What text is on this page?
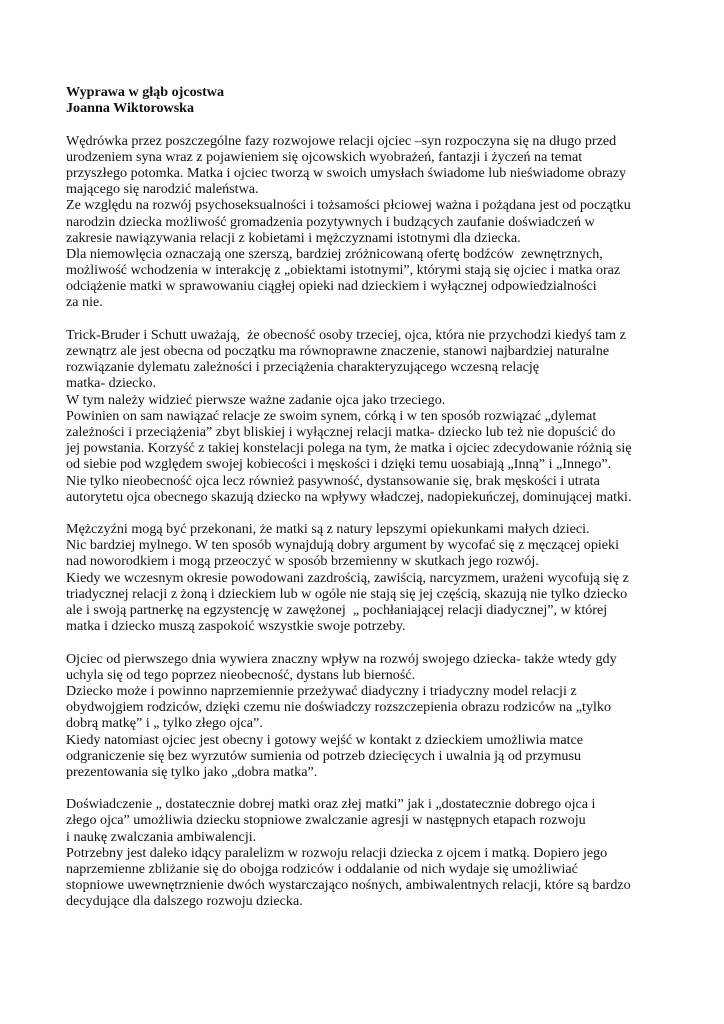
Wyprawa w głąb ojcostwa
Joanna Wiktorowska
Wędrówka przez poszczególne fazy rozwojowe relacji ojciec –syn rozpoczyna się na długo przed
urodzeniem syna wraz z pojawieniem się ojcowskich wyobrażeń, fantazji i życzeń na temat
przyszłego potomka. Matka i ojciec tworzą w swoich umysłach świadome lub nieświadome obrazy
mającego się narodzić maleństwa.
Ze względu na rozwój psychoseksualności i tożsamości płciowej ważna i pożądana jest od początku
narodzin dziecka możliwość gromadzenia pozytywnych i budzących zaufanie doświadczeń w
zakresie nawiązywania relacji z kobietami i mężczyznami istotnymi dla dziecka.
Dla niemowlęcia oznaczają one szerszą, bardziej zróżnicowaną ofertę bodźców  zewnętrznych,
możliwość wchodzenia w interakcję z „obiektami istotnymi”, którymi stają się ojciec i matka oraz
odciążenie matki w sprawowaniu ciągłej opieki nad dzieckiem i wyłącznej odpowiedzialności
za nie.
Trick-Bruder i Schutt uważają,  że obecność osoby trzeciej, ojca, która nie przychodzi kiedyś tam z
zewnątrz ale jest obecna od początku ma równoprawne znaczenie, stanowi najbardziej naturalne
rozwiązanie dylematu zależności i przeciążenia charakteryzującego wczesną relację
matka- dziecko.
W tym należy widzieć pierwsze ważne zadanie ojca jako trzeciego.
Powinien on sam nawiązać relacje ze swoim synem, córką i w ten sposób rozwiązać „dylemat
zależności i przeciążenia” zbyt bliskiej i wyłącznej relacji matka- dziecko lub też nie dopuścić do
jej powstania. Korzyść z takiej konstelacji polega na tym, że matka i ojciec zdecydowanie różnią się
od siebie pod względem swojej kobiecości i męskości i dzięki temu uosabiają „Inną” i „Innego”.
Nie tylko nieobecność ojca lecz również pasywność, dystansowanie się, brak męskości i utrata
autorytetu ojca obecnego skazują dziecko na wpływy władczej, nadopiekuńczej, dominującej matki.
Mężczyźni mogą być przekonani, że matki są z natury lepszymi opiekunkami małych dzieci.
Nic bardziej mylnego. W ten sposób wynajdują dobry argument by wycofać się z męczącej opieki
nad noworodkiem i mogą przeoczyć w sposób brzemienny w skutkach jego rozwój.
Kiedy we wczesnym okresie powodowani zazdrością, zawiścią, narcyzmem, urażeni wycofują się z
triadycznej relacji z żoną i dzieckiem lub w ogóle nie stają się jej częścią, skazują nie tylko dziecko
ale i swoją partnerkę na egzystencję w zawężonej  „ pochłaniającej relacji diadycznej”, w której
matka i dziecko muszą zaspokoić wszystkie swoje potrzeby.
Ojciec od pierwszego dnia wywiera znaczny wpływ na rozwój swojego dziecka- także wtedy gdy
uchyla się od tego poprzez nieobecność, dystans lub bierność.
Dziecko może i powinno naprzemiennie przeżywać diadyczny i triadyczny model relacji z
obydwojgiem rodziców, dzięki czemu nie doświadczy rozszczepienia obrazu rodziców na „tylko
dobrą matkę” i „ tylko złego ojca”.
Kiedy natomiast ojciec jest obecny i gotowy wejść w kontakt z dzieckiem umożliwia matce
odgraniczenie się bez wyrzutów sumienia od potrzeb dziecięcych i uwalnia ją od przymusu
prezentowania się tylko jako „dobra matka”.
Doświadczenie „ dostatecznie dobrej matki oraz złej matki” jak i „dostatecznie dobrego ojca i
złego ojca” umożliwia dziecku stopniowe zwalczanie agresji w następnych etapach rozwoju
i naukę zwalczania ambiwalencji.
Potrzebny jest daleko idący paralelizm w rozwoju relacji dziecka z ojcem i matką. Dopiero jego
naprzemienne zbliżanie się do obojga rodziców i oddalanie od nich wydaje się umożliwiać
stopniowe uwewnętrznienie dwóch wystarczająco nośnych, ambiwalentnych relacji, które są bardzo
decydujące dla dalszego rozwoju dziecka.
